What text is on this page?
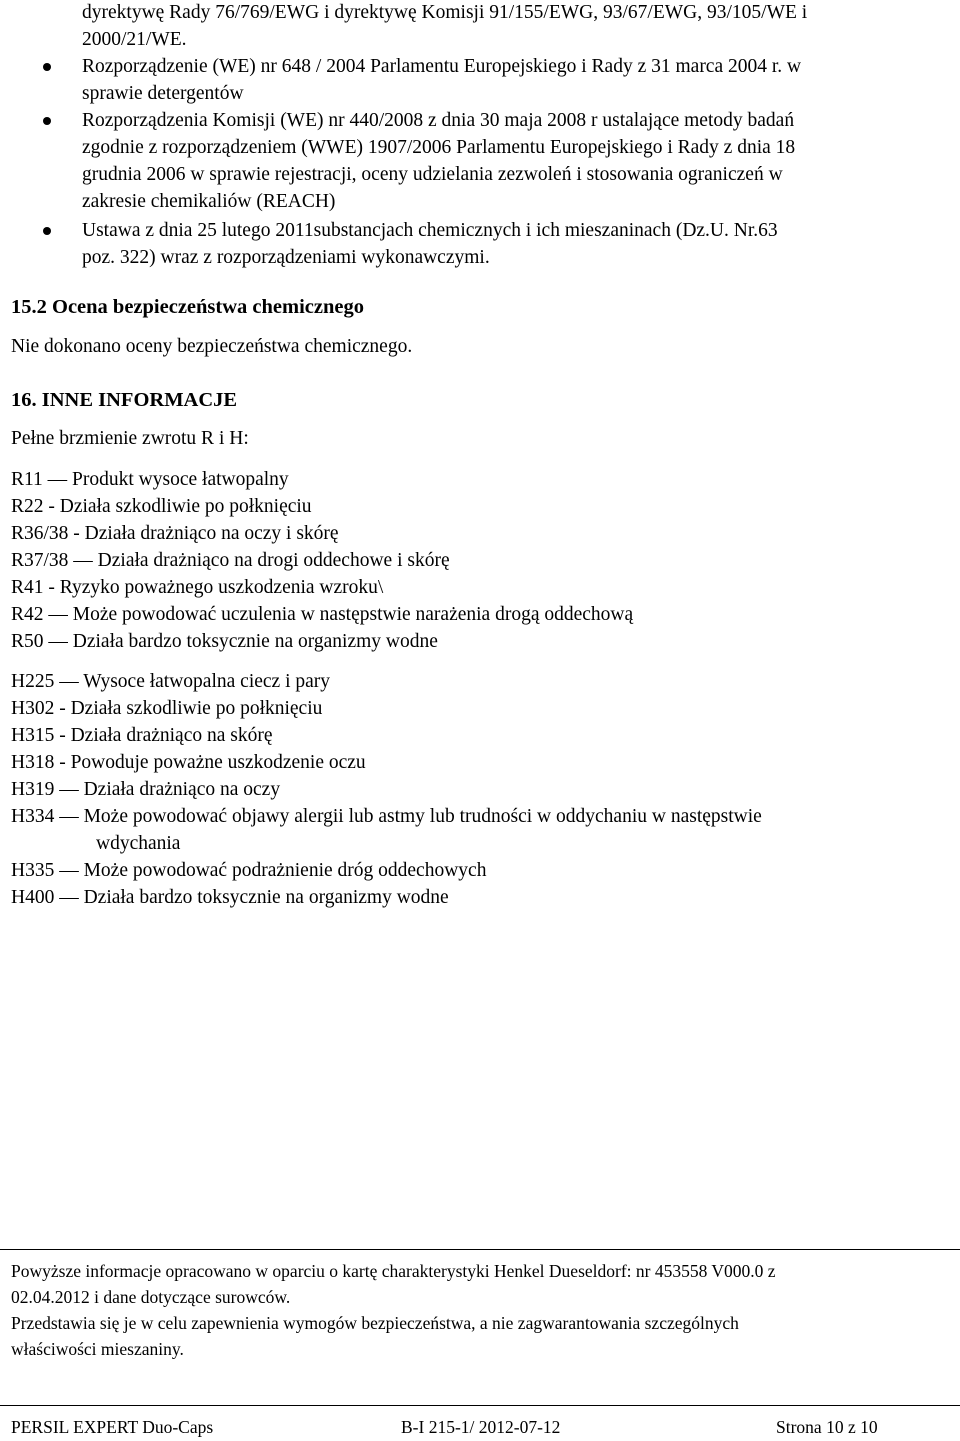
dyrektywę Rady 76/769/EWG i dyrektywę Komisji 91/155/EWG, 93/67/EWG, 93/105/WE i
2000/21/WE.
Rozporządzenie (WE) nr 648 / 2004 Parlamentu Europejskiego i Rady z 31 marca 2004 r. w
sprawie detergentów
Rozporządzenia Komisji (WE) nr 440/2008 z dnia 30 maja 2008 r ustalające metody badań
zgodnie z rozporządzeniem (WWE) 1907/2006 Parlamentu Europejskiego i Rady z dnia 18
grudnia 2006 w sprawie rejestracji, oceny udzielania zezwoleń i stosowania ograniczeń w
zakresie chemikaliów (REACH)
Ustawa z dnia 25 lutego 2011substancjach chemicznych i ich mieszaninach (Dz.U. Nr.63
poz. 322) wraz z rozporządzeniami wykonawczymi.
15.2 Ocena bezpieczeństwa chemicznego
Nie dokonano oceny bezpieczeństwa chemicznego.
16. INNE INFORMACJE
Pełne brzmienie zwrotu R i H:
R11 — Produkt wysoce łatwopalny
R22 - Działa szkodliwie po połknięciu
R36/38 - Działa drażniąco na oczy i skórę
R37/38 — Działa drażniąco na drogi oddechowe i skórę
R41 - Ryzyko poważnego uszkodzenia wzroku\
R42 — Może powodować uczulenia w następstwie narażenia drogą oddechową
R50 — Działa bardzo toksycznie na organizmy wodne
H225 — Wysoce łatwopalna ciecz i pary
H302 - Działa szkodliwie po połknięciu
H315 - Działa drażniąco na skórę
H318 - Powoduje poważne uszkodzenie oczu
H319 — Działa drażniąco na oczy
H334 — Może powodować objawy alergii lub astmy lub trudności w oddychaniu w następstwie
wdychania
H335 — Może powodować podrażnienie dróg oddechowych
H400 — Działa bardzo toksycznie na organizmy wodne
Powyższe informacje opracowano w oparciu o kartę charakterystyki Henkel Dueseldorf: nr 453558 V000.0 z
02.04.2012 i dane dotyczące surowców.
Przedstawia się je w celu zapewnienia wymogów bezpieczeństwa, a nie zagwarantowania szczególnych
właściwości mieszaniny.
PERSIL EXPERT Duo-Caps	B-I 215-1/ 2012-07-12	Strona 10 z 10
